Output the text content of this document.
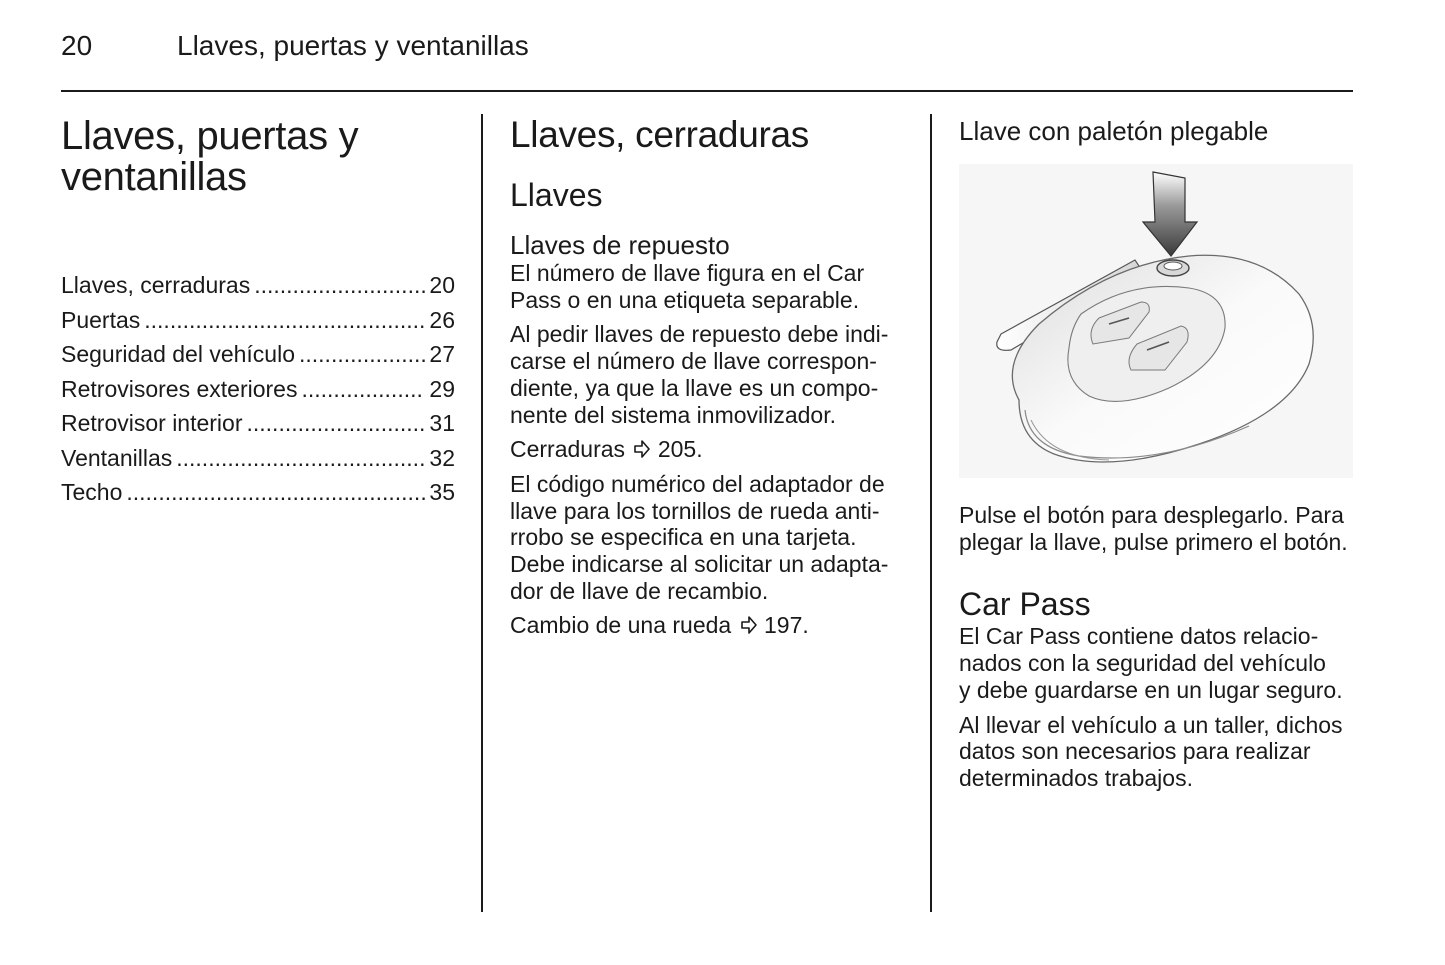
20	Llaves, puertas y ventanillas
Llaves, puertas y
ventanillas
Llaves, cerraduras .....	20
Puertas .....	26
Seguridad del vehículo .....	27
Retrovisores exteriores .....	29
Retrovisor interior .....	31
Ventanillas .....	32
Techo .....	35
Llaves, cerraduras
Llaves
Llaves de repuesto
El número de llave figura en el Car
Pass o en una etiqueta separable.
Al pedir llaves de repuesto debe indi-
carse el número de llave correspon-
diente, ya que la llave es un compo-
nente del sistema inmovilizador.
Cerraduras 205.
El código numérico del adaptador de
llave para los tornillos de rueda anti-
rrobo se especifica en una tarjeta.
Debe indicarse al solicitar un adapta-
dor de llave de recambio.
Cambio de una rueda 197.
Llave con paletón plegable
Pulse el botón para desplegarlo. Para
plegar la llave, pulse primero el botón.
Car Pass
El Car Pass contiene datos relacio-
nados con la seguridad del vehículo
y debe guardarse en un lugar seguro.
Al llevar el vehículo a un taller, dichos
datos son necesarios para realizar
determinados trabajos.
